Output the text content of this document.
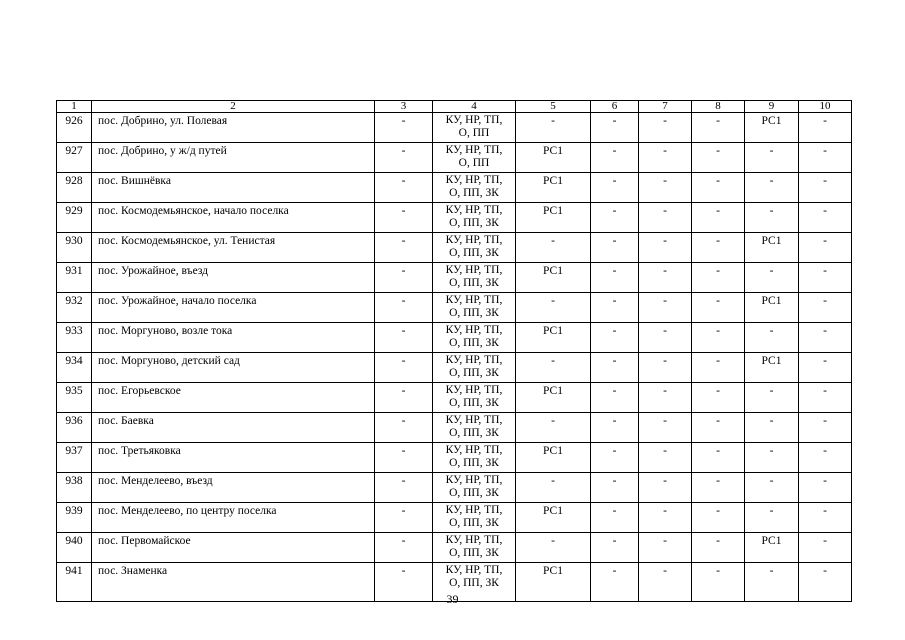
1	2	3	4	5	6	7	8	9	10
926	пос. Добрино, ул. Полевая	-	КУ, НР, ТП,
О, ПП	-	-	-	-	РС1	-
927	пос. Добрино, у ж/д путей	-	КУ, НР, ТП,
О, ПП	РС1	-	-	-	-	-
928	пос. Вишнёвка	-	КУ, НР, ТП,
О, ПП, ЗК	РС1	-	-	-	-	-
929	пос. Космодемьянское, начало поселка	-	КУ, НР, ТП,
О, ПП, ЗК	РС1	-	-	-	-	-
930	пос. Космодемьянское, ул. Тенистая	-	КУ, НР, ТП,
О, ПП, ЗК	-	-	-	-	РС1	-
931	пос. Урожайное, въезд	-	КУ, НР, ТП,
О, ПП, ЗК	РС1	-	-	-	-	-
932	пос. Урожайное, начало поселка	-	КУ, НР, ТП,
О, ПП, ЗК	-	-	-	-	РС1	-
933	пос. Моргуново, возле тока	-	КУ, НР, ТП,
О, ПП, ЗК	РС1	-	-	-	-	-
934	пос. Моргуново, детский сад	-	КУ, НР, ТП,
О, ПП, ЗК	-	-	-	-	РС1	-
935	пос. Егорьевское	-	КУ, НР, ТП,
О, ПП, ЗК	РС1	-	-	-	-	-
936	пос. Баевка	-	КУ, НР, ТП,
О, ПП, ЗК	-	-	-	-	-	-
937	пос. Третьяковка	-	КУ, НР, ТП,
О, ПП, ЗК	РС1	-	-	-	-	-
938	пос. Менделеево, въезд	-	КУ, НР, ТП,
О, ПП, ЗК	-	-	-	-	-	-
939	пос. Менделеево, по центру поселка	-	КУ, НР, ТП,
О, ПП, ЗК	РС1	-	-	-	-	-
940	пос. Первомайское	-	КУ, НР, ТП,
О, ПП, ЗК	-	-	-	-	РС1	-
941	пос. Знаменка	-	КУ, НР, ТП,
О, ПП, ЗК	РС1	-	-	-	-	-
39
